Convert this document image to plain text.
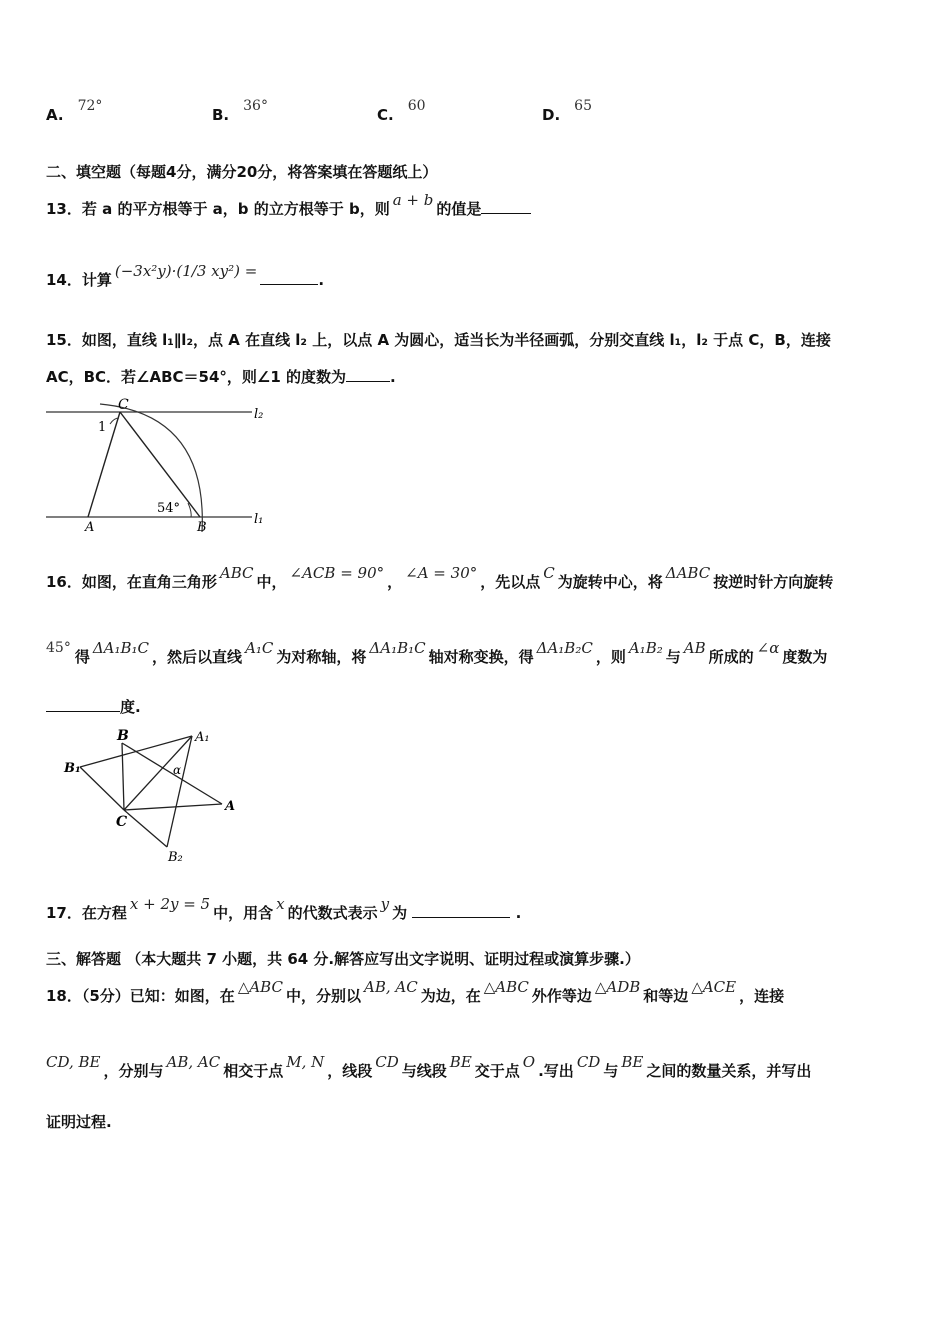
A. 72°	B. 36°	C. 60	D. 65
二、填空题（每题4分，满分20分，将答案填在答题纸上）
13．若 a 的平方根等于 a，b 的立方根等于 b，则 a + b 的值是
14．计算 (−3x²y)·(1/3 xy²) =	.
15．如图，直线 l₁∥l₂，点 A 在直线 l₂ 上，以点 A 为圆心，适当长为半径画弧，分别交直线 l₁，l₂ 于点 C，B，连接
AC，BC．若∠ABC＝54°，则∠1 的度数为	.
C
1
54°
A	B
l₂
l₁
16．如图，在直角三角形 ABC 中， ∠ACB = 90° ， ∠A = 30° ，先以点 C 为旋转中心，将 ΔABC 按逆时针方向旋转
45° 得 ΔA₁B₁C ，然后以直线 A₁C 为对称轴，将 ΔA₁B₁C 轴对称变换，得 ΔA₁B₂C ，则 A₁B₂ 与 AB 所成的 ∠α 度数为
度.
B	A₁
B₁	α
A
C
B₂
17．在方程 x + 2y = 5 中，用含 x 的代数式表示 y 为	.
三、解答题 （本大题共 7 小题，共 64 分.解答应写出文字说明、证明过程或演算步骤.）
18．（5分）已知：如图，在 △ABC 中，分别以 AB, AC 为边，在 △ABC 外作等边 △ADB 和等边 △ACE ，连接
CD, BE ，分别与 AB, AC 相交于点 M, N ，线段 CD 与线段 BE 交于点 O .写出 CD 与 BE 之间的数量关系，并写出
证明过程.
